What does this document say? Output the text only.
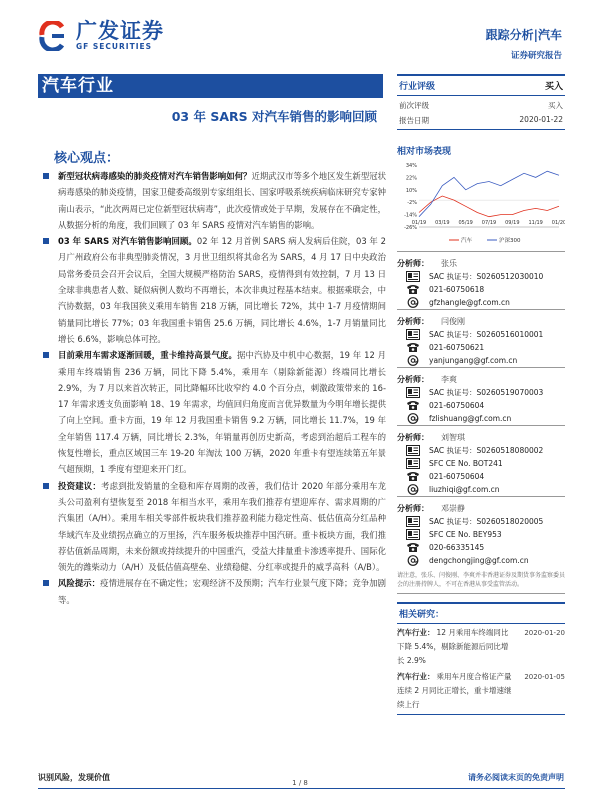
广发证券
GF SECURITIES
跟踪分析|汽车
证券研究报告
汽车行业
03 年 SARS 对汽车销售的影响回顾
核心观点：
新型冠状病毒感染的肺炎疫情对汽车销售影响如何？近期武汉市等多个地区发生新型冠状病毒感染的肺炎疫情，国家卫健委高级别专家组组长、国家呼吸系统疾病临床研究专家钟南山表示，“此次两周已定位新型冠状病毒”，此次疫情或处于早期，发展存在不确定性，从数据分析的角度，我们回顾了 03 年 SARS 疫情对汽车销售的影响。
03 年 SARS 对汽车销售影响回顾。02 年 12 月首例 SARS 病人发病后住院，03 年 2 月广州政府公布非典型肺炎情况，3 月世卫组织将其命名为 SARS，4 月 17 日中央政治局常务委员会召开会议后，全国大规模严格防治 SARS，疫情得到有效控制，7 月 13 日全球非典患者人数、疑似病例人数均不再增长，本次非典过程基本结束。根据乘联会，中汽协数据，03 年我国狭义乘用车销售 218 万辆，同比增长 72%，其中 1-7 月疫情期间销量同比增长 77%；03 年我国重卡销售 25.6 万辆，同比增长 4.6%，1-7 月销量同比增长 6.6%，影响总体可控。
目前乘用车需求逐渐回暖，重卡维持高景气度。据中汽协及中机中心数据，19 年 12 月乘用车终端销售 236 万辆，同比下降 5.4%，乘用车（剔除新能源）终端同比增长 2.9%，为 7 月以来首次转正，同比降幅环比收窄约 4.0 个百分点，刺激政策带来的 16-17 年需求透支负面影响 18、19 年需求，均值回归角度而言优异数量为今明年增长提供了向上空间。重卡方面，19 年 12 月我国重卡销售 9.2 万辆，同比增长 11.7%，19 年全年销售 117.4 万辆，同比增长 2.3%，年销量再创历史新高，考虑到治超后工程车的恢复性增长，重点区域国三车 19-20 年淘汰 100 万辆，2020 年重卡有望连续第五年景气超预期，1 季度有望迎来开门红。
投资建议：考虑到批发销量的全稳和库存周期的改善，我们估计 2020 年部分乘用车龙头公司盈利有望恢复至 2018 年相当水平，乘用车我们推荐有望迎库存、需求周期的广汽集团（A/H）。乘用车相关零部件板块我们推荐盈利能力稳定性高、低估值高分红品种华域汽车及业绩拐点确立的万里扬，汽车服务板块推荐中国汽研。重卡板块方面，我们推荐估值新品周期，未来份额或持续提升的中国重汽，受益大排量重卡渗透率提升、国际化领先的潍柴动力（A/H）及低估值高壁垒、业绩稳健、分红率或提升的威孚高科（A/B）。
风险提示：疫情进展存在不确定性；宏观经济不及预期；汽车行业景气度下降；竞争加剧等。
行业评级	买入
前次评级	买入
报告日期	2020-01-22
相对市场表现
34%
22%
10%
-2%
-14%
-26%
01/19 03/19 05/19 07/19 09/19 11/19 01/20
汽车	沪深300
分析师：	张乐
SAC 执证号：S0260512030010
021-60750618
gfzhangle@gf.com.cn
分析师：	闫俊刚
SAC 执证号：S0260516010001
021-60750621
yanjungang@gf.com.cn
分析师：	李爽
SAC 执证号：S0260519070003
021-60750604
fzlishuang@gf.com.cn
分析师：	刘智琪
SAC 执证号：S0260518080002
SFC CE No. BOT241
021-60750604
liuzhiqi@gf.com.cn
分析师：	邓崇静
SAC 执证号：S0260518020005
SFC CE No. BEY953
020-66335145
dengchongjing@gf.com.cn
请注意，张乐、闫俊刚、李爽并非香港证券及期货事务监察委员会的注册持牌人，不可在香港从事受监管活动。
相关研究：
汽车行业： 12 月乘用车终端同比下降 5.4%，剔除新能源后同比增长 2.9%
2020-01-20
汽车行业： 乘用车月度合格证产量连续 2 月同比正增长，重卡增速继续上行
2020-01-05
识别风险，发现价值	请务必阅读末页的免责声明
1 / 8
